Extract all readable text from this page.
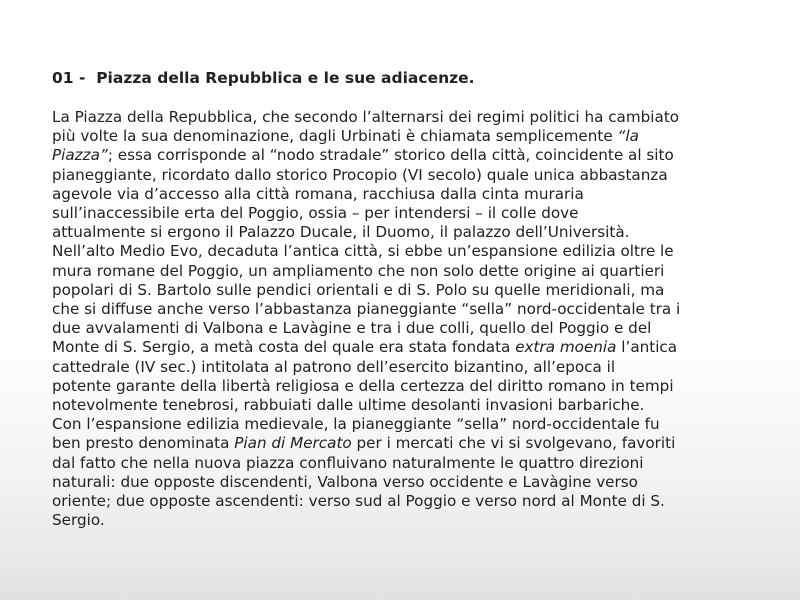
01 -  Piazza della Repubblica e le sue adiacenze.

La Piazza della Repubblica, che secondo l’alternarsi dei regimi politici ha cambiato
più volte la sua denominazione, dagli Urbinati è chiamata semplicemente “la
Piazza”; essa corrisponde al “nodo stradale” storico della città, coincidente al sito
pianeggiante, ricordato dallo storico Procopio (VI secolo) quale unica abbastanza
agevole via d’accesso alla città romana, racchiusa dalla cinta muraria
sull’inaccessibile erta del Poggio, ossia – per intendersi – il colle dove
attualmente si ergono il Palazzo Ducale, il Duomo, il palazzo dell’Università.
Nell’alto Medio Evo, decaduta l’antica città, si ebbe un’espansione edilizia oltre le
mura romane del Poggio, un ampliamento che non solo dette origine ai quartieri
popolari di S. Bartolo sulle pendici orientali e di S. Polo su quelle meridionali, ma
che si diffuse anche verso l’abbastanza pianeggiante “sella” nord-occidentale tra i
due avvalamenti di Valbona e Lavàgine e tra i due colli, quello del Poggio e del
Monte di S. Sergio, a metà costa del quale era stata fondata extra moenia l’antica
cattedrale (IV sec.) intitolata al patrono dell’esercito bizantino, all’epoca il
potente garante della libertà religiosa e della certezza del diritto romano in tempi
notevolmente tenebrosi, rabbuiati dalle ultime desolanti invasioni barbariche.
Con l’espansione edilizia medievale, la pianeggiante “sella” nord-occidentale fu
ben presto denominata Pian di Mercato per i mercati che vi si svolgevano, favoriti
dal fatto che nella nuova piazza confluivano naturalmente le quattro direzioni
naturali: due opposte discendenti, Valbona verso occidente e Lavàgine verso
oriente; due opposte ascendenti: verso sud al Poggio e verso nord al Monte di S.
Sergio.
